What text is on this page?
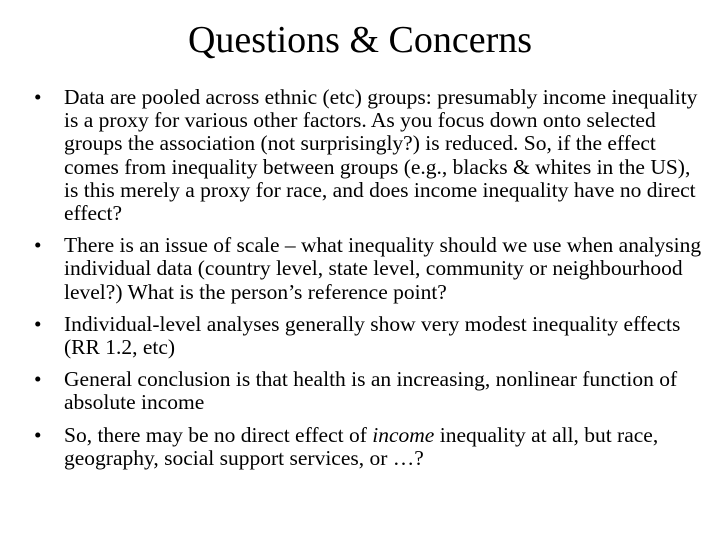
Questions & Concerns
•	Data are pooled across ethnic (etc) groups: presumably income inequality is a proxy for various other factors. As you focus down onto selected groups the association (not surprisingly?) is reduced. So, if the effect comes from inequality between groups (e.g., blacks & whites in the US), is this merely a proxy for race, and does income inequality have no direct effect?
•	There is an issue of scale – what inequality should we use when analysing individual data (country level, state level, community or neighbourhood level?) What is the person’s reference point?
•	Individual-level analyses generally show very modest inequality effects (RR 1.2, etc)
•	General conclusion is that health is an increasing, nonlinear function of absolute income
•	So, there may be no direct effect of income inequality at all, but race, geography, social support services, or …?
